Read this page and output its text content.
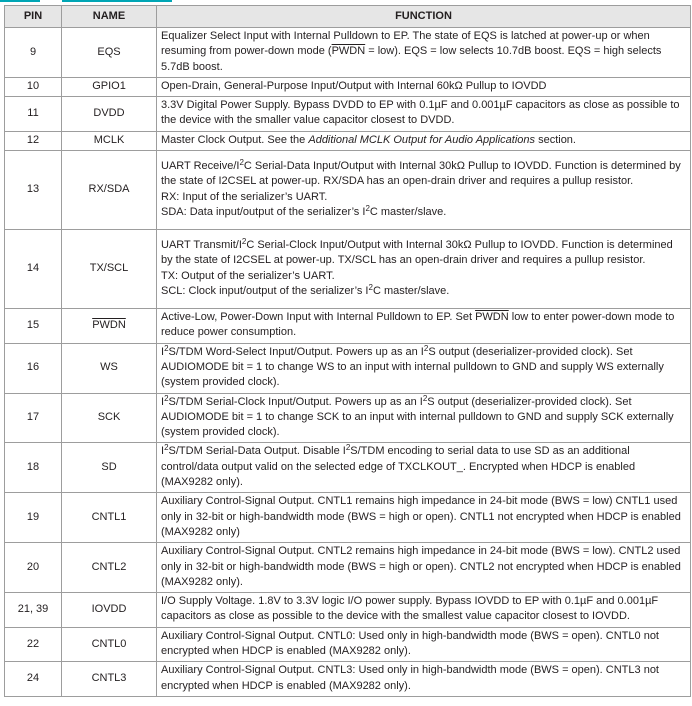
PIN	NAME	FUNCTION
9	EQS	Equalizer Select Input with Internal Pulldown to EP. The state of EQS is latched at power-up or when resuming from power-down mode (PWDN = low). EQS = low selects 10.7dB boost. EQS = high selects 5.7dB boost.
10	GPIO1	Open-Drain, General-Purpose Input/Output with Internal 60kΩ Pullup to IOVDD
11	DVDD	3.3V Digital Power Supply. Bypass DVDD to EP with 0.1µF and 0.001µF capacitors as close as possible to the device with the smaller value capacitor closest to DVDD.
12	MCLK	Master Clock Output. See the Additional MCLK Output for Audio Applications section.
13	RX/SDA	UART Receive/$I^2C$ Serial-Data Input/Output with Internal 30kΩ Pullup to IOVDD. Function is determined by the state of I2CSEL at power-up. RX/SDA has an open-drain driver and requires a pullup resistor.
RX: Input of the serializer’s UART.
SDA: Data input/output of the serializer’s $I^2C$ master/slave.
14	TX/SCL	UART Transmit/$I^2C$ Serial-Clock Input/Output with Internal 30kΩ Pullup to IOVDD. Function is determined by the state of I2CSEL at power-up. TX/SCL has an open-drain driver and requires a pullup resistor.
TX: Output of the serializer’s UART.
SCL: Clock input/output of the serializer’s $I^2C$ master/slave.
15	PWDN	Active-Low, Power-Down Input with Internal Pulldown to EP. Set PWDN low to enter power-down mode to reduce power consumption.
16	WS	$I^2S$/TDM Word-Select Input/Output. Powers up as an $I^2S$ output (deserializer-provided clock). Set AUDIOMODE bit = 1 to change WS to an input with internal pulldown to GND and supply WS externally (system provided clock).
17	SCK	$I^2S$/TDM Serial-Clock Input/Output. Powers up as an $I^2S$ output (deserializer-provided clock). Set AUDIOMODE bit = 1 to change SCK to an input with internal pulldown to GND and supply SCK externally (system provided clock).
18	SD	$I^2S$/TDM Serial-Data Output. Disable $I^2S$/TDM encoding to serial data to use SD as an additional control/data output valid on the selected edge of TXCLKOUT_. Encrypted when HDCP is enabled (MAX9282 only).
19	CNTL1	Auxiliary Control-Signal Output. CNTL1 remains high impedance in 24-bit mode (BWS = low) CNTL1 used only in 32-bit or high-bandwidth mode (BWS = high or open). CNTL1 not encrypted when HDCP is enabled (MAX9282 only)
20	CNTL2	Auxiliary Control-Signal Output. CNTL2 remains high impedance in 24-bit mode (BWS = low). CNTL2 used only in 32-bit or high-bandwidth mode (BWS = high or open). CNTL2 not encrypted when HDCP is enabled (MAX9282 only).
21, 39	IOVDD	I/O Supply Voltage. 1.8V to 3.3V logic I/O power supply. Bypass IOVDD to EP with 0.1µF and 0.001µF capacitors as close as possible to the device with the smallest value capacitor closest to IOVDD.
22	CNTL0	Auxiliary Control-Signal Output. CNTL0: Used only in high-bandwidth mode (BWS = open). CNTL0 not encrypted when HDCP is enabled (MAX9282 only).
24	CNTL3	Auxiliary Control-Signal Output. CNTL3: Used only in high-bandwidth mode (BWS = open). CNTL3 not encrypted when HDCP is enabled (MAX9282 only).
